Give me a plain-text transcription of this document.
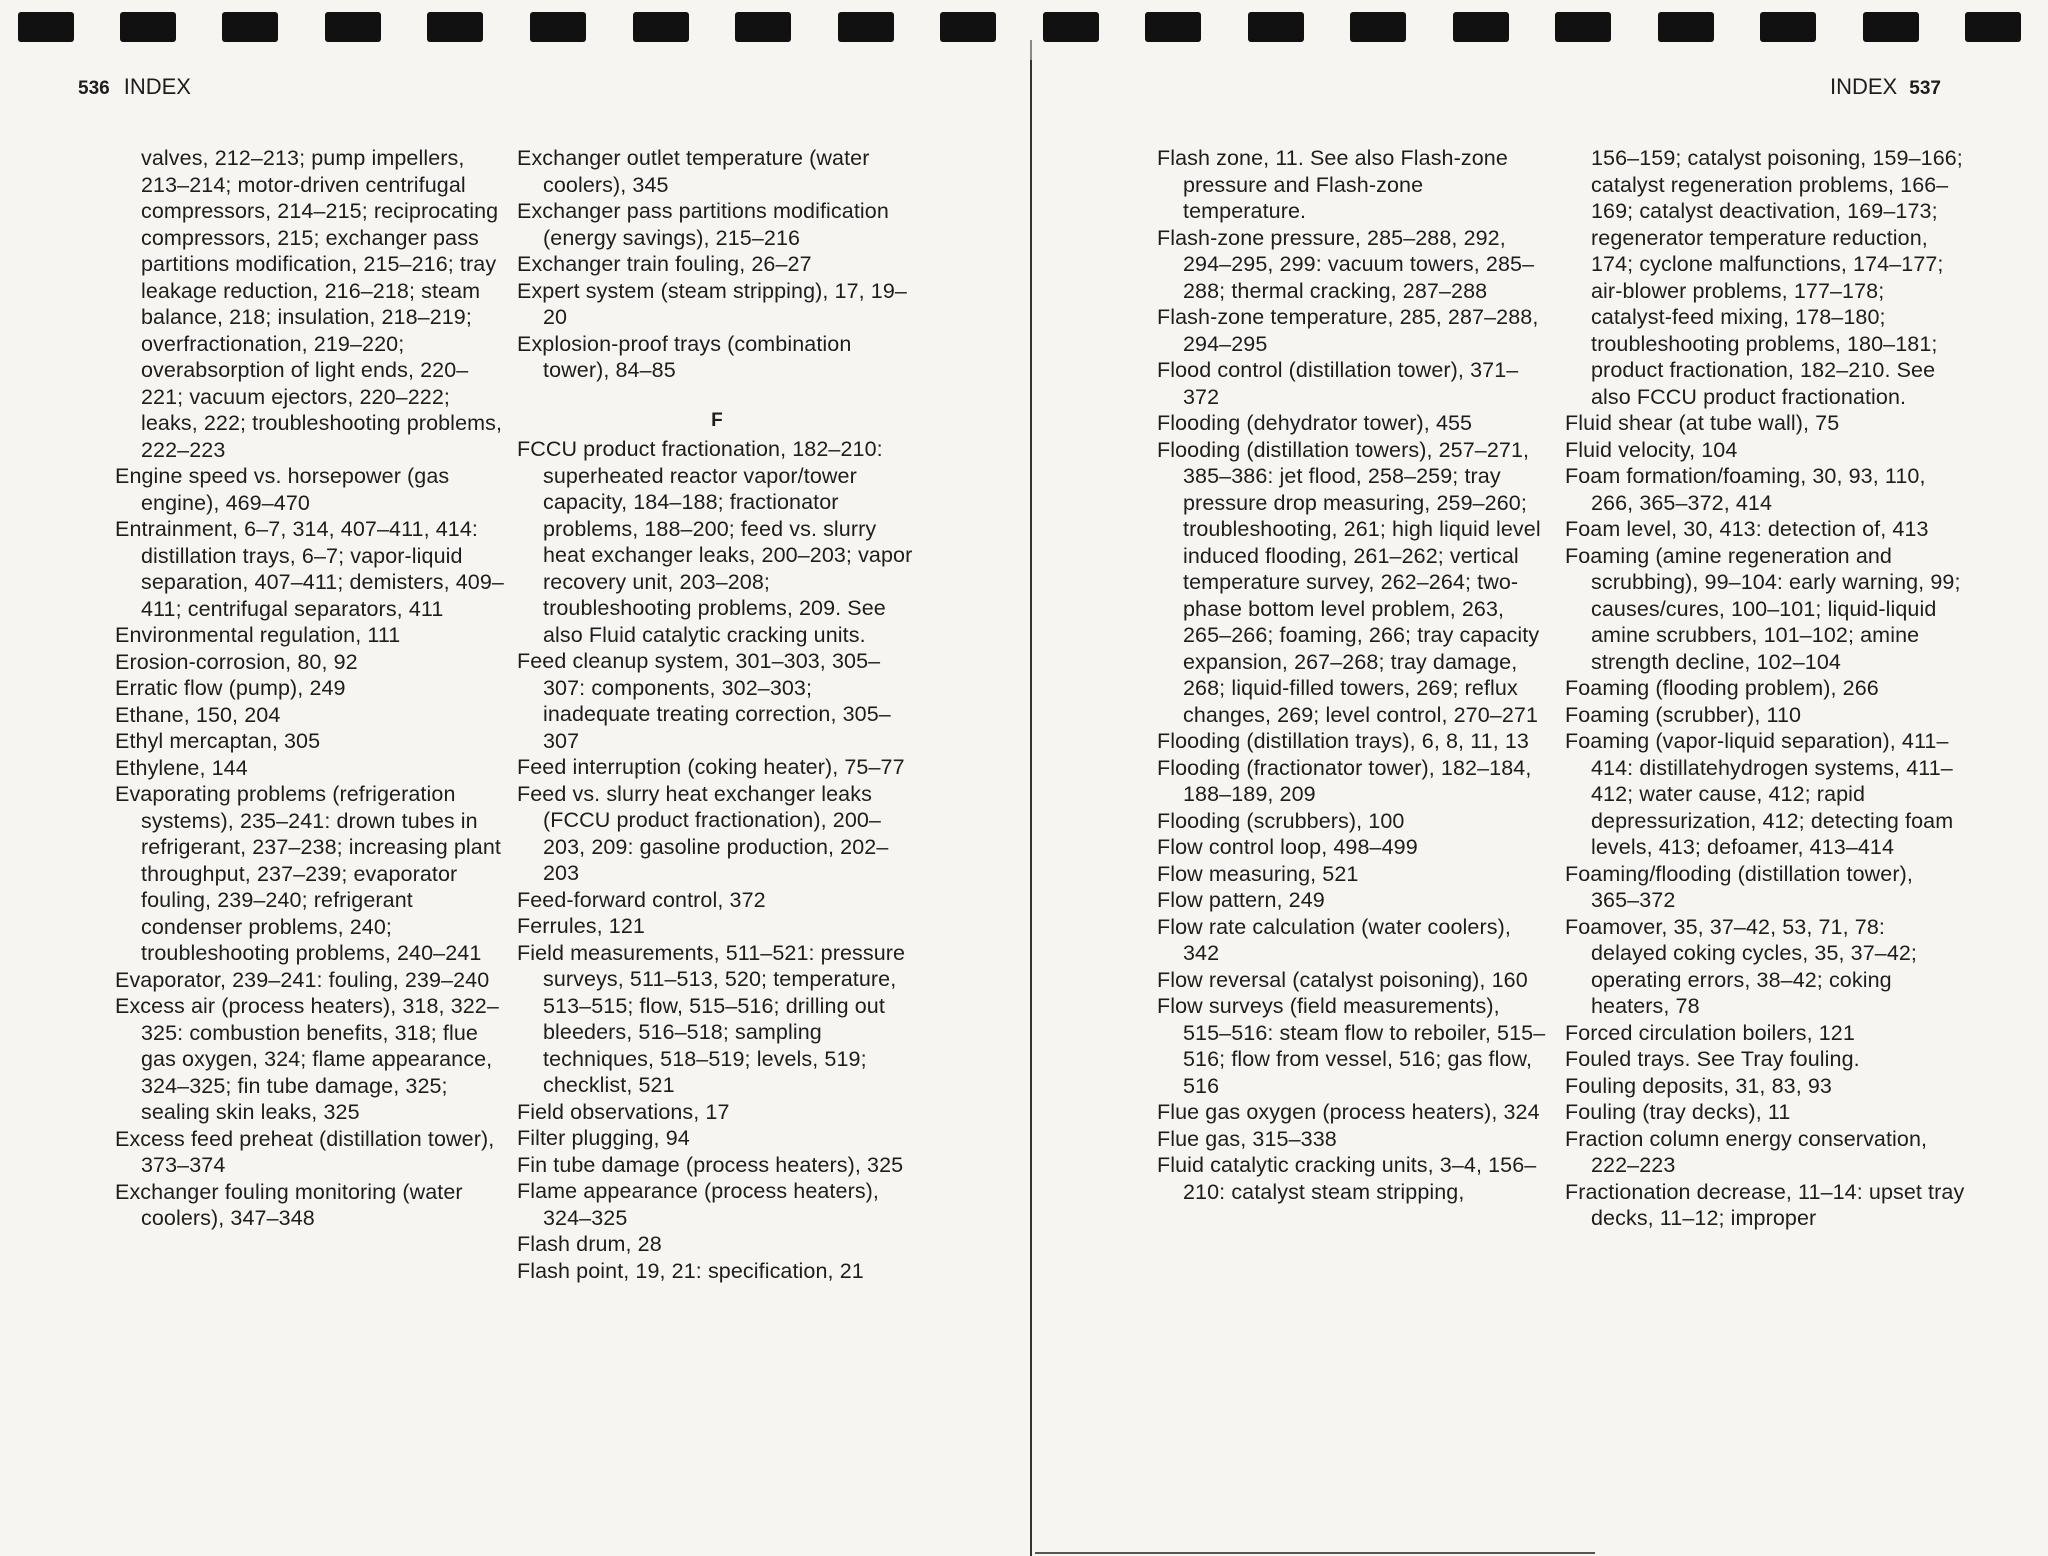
536 INDEX	INDEX 537
valves, 212–213; pump impellers, 213–214; motor-driven centrifugal compressors, 214–215; reciprocating compressors, 215; exchanger pass partitions modification, 215–216; tray leakage reduction, 216–218; steam balance, 218; insulation, 218–219; overfractionation, 219–220; overabsorption of light ends, 220–221; vacuum ejectors, 220–222; leaks, 222; troubleshooting problems, 222–223
Engine speed vs. horsepower (gas engine), 469–470
Entrainment, 6–7, 314, 407–411, 414: distillation trays, 6–7; vapor-liquid separation, 407–411; demisters, 409–411; centrifugal separators, 411
Environmental regulation, 111
Erosion-corrosion, 80, 92
Erratic flow (pump), 249
Ethane, 150, 204
Ethyl mercaptan, 305
Ethylene, 144
Evaporating problems (refrigeration systems), 235–241: drown tubes in refrigerant, 237–238; increasing plant throughput, 237–239; evaporator fouling, 239–240; refrigerant condenser problems, 240; troubleshooting problems, 240–241
Evaporator, 239–241: fouling, 239–240
Excess air (process heaters), 318, 322–325: combustion benefits, 318; flue gas oxygen, 324; flame appearance, 324–325; fin tube damage, 325; sealing skin leaks, 325
Excess feed preheat (distillation tower), 373–374
Exchanger fouling monitoring (water coolers), 347–348
Exchanger outlet temperature (water coolers), 345
Exchanger pass partitions modification (energy savings), 215–216
Exchanger train fouling, 26–27
Expert system (steam stripping), 17, 19–20
Explosion-proof trays (combination tower), 84–85
F
FCCU product fractionation, 182–210: superheated reactor vapor/tower capacity, 184–188; fractionator problems, 188–200; feed vs. slurry heat exchanger leaks, 200–203; vapor recovery unit, 203–208; troubleshooting problems, 209. See also Fluid catalytic cracking units.
Feed cleanup system, 301–303, 305–307: components, 302–303; inadequate treating correction, 305–307
Feed interruption (coking heater), 75–77
Feed vs. slurry heat exchanger leaks (FCCU product fractionation), 200–203, 209: gasoline production, 202–203
Feed-forward control, 372
Ferrules, 121
Field measurements, 511–521: pressure surveys, 511–513, 520; temperature, 513–515; flow, 515–516; drilling out bleeders, 516–518; sampling techniques, 518–519; levels, 519; checklist, 521
Field observations, 17
Filter plugging, 94
Fin tube damage (process heaters), 325
Flame appearance (process heaters), 324–325
Flash drum, 28
Flash point, 19, 21: specification, 21
Flash zone, 11. See also Flash-zone pressure and Flash-zone temperature.
Flash-zone pressure, 285–288, 292, 294–295, 299: vacuum towers, 285–288; thermal cracking, 287–288
Flash-zone temperature, 285, 287–288, 294–295
Flood control (distillation tower), 371–372
Flooding (dehydrator tower), 455
Flooding (distillation towers), 257–271, 385–386: jet flood, 258–259; tray pressure drop measuring, 259–260; troubleshooting, 261; high liquid level induced flooding, 261–262; vertical temperature survey, 262–264; two-phase bottom level problem, 263, 265–266; foaming, 266; tray capacity expansion, 267–268; tray damage, 268; liquid-filled towers, 269; reflux changes, 269; level control, 270–271
Flooding (distillation trays), 6, 8, 11, 13
Flooding (fractionator tower), 182–184, 188–189, 209
Flooding (scrubbers), 100
Flow control loop, 498–499
Flow measuring, 521
Flow pattern, 249
Flow rate calculation (water coolers), 342
Flow reversal (catalyst poisoning), 160
Flow surveys (field measurements), 515–516: steam flow to reboiler, 515–516; flow from vessel, 516; gas flow, 516
Flue gas oxygen (process heaters), 324
Flue gas, 315–338
Fluid catalytic cracking units, 3–4, 156–210: catalyst steam stripping,
156–159; catalyst poisoning, 159–166; catalyst regeneration problems, 166–169; catalyst deactivation, 169–173; regenerator temperature reduction, 174; cyclone malfunctions, 174–177; air-blower problems, 177–178; catalyst-feed mixing, 178–180; troubleshooting problems, 180–181; product fractionation, 182–210. See also FCCU product fractionation.
Fluid shear (at tube wall), 75
Fluid velocity, 104
Foam formation/foaming, 30, 93, 110, 266, 365–372, 414
Foam level, 30, 413: detection of, 413
Foaming (amine regeneration and scrubbing), 99–104: early warning, 99; causes/cures, 100–101; liquid-liquid amine scrubbers, 101–102; amine strength decline, 102–104
Foaming (flooding problem), 266
Foaming (scrubber), 110
Foaming (vapor-liquid separation), 411–414: distillatehydrogen systems, 411–412; water cause, 412; rapid depressurization, 412; detecting foam levels, 413; defoamer, 413–414
Foaming/flooding (distillation tower), 365–372
Foamover, 35, 37–42, 53, 71, 78: delayed coking cycles, 35, 37–42; operating errors, 38–42; coking heaters, 78
Forced circulation boilers, 121
Fouled trays. See Tray fouling.
Fouling deposits, 31, 83, 93
Fouling (tray decks), 11
Fraction column energy conservation, 222–223
Fractionation decrease, 11–14: upset tray decks, 11–12; improper
